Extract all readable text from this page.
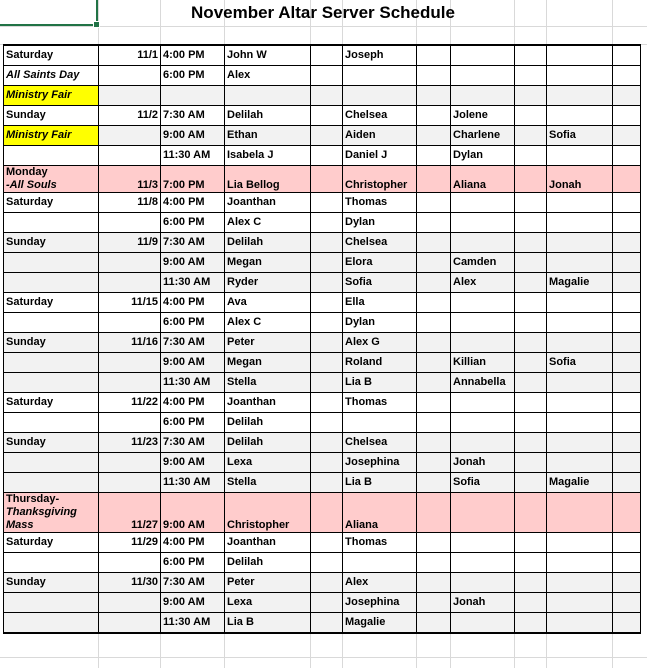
November Altar Server Schedule
Saturday	11/1	4:00 PM	John W		Joseph					
All Saints Day		6:00 PM	Alex							
Ministry Fair										
Sunday	11/2	7:30 AM	Delilah		Chelsea		Jolene			
Ministry Fair		9:00 AM	Ethan		Aiden		Charlene		Sofia	
		11:30 AM	Isabela J		Daniel J		Dylan			
Monday
-All Souls	11/3	7:00 PM	Lia Bellog		Christopher		Aliana		Jonah	
Saturday	11/8	4:00 PM	Joanthan		Thomas					
		6:00 PM	Alex C		Dylan					
Sunday	11/9	7:30 AM	Delilah		Chelsea					
		9:00 AM	Megan		Elora		Camden			
		11:30 AM	Ryder		Sofia		Alex		Magalie	
Saturday	11/15	4:00 PM	Ava		Ella					
		6:00 PM	Alex C		Dylan					
Sunday	11/16	7:30 AM	Peter		Alex G					
		9:00 AM	Megan		Roland		Killian		Sofia	
		11:30 AM	Stella		Lia B		Annabella			
Saturday	11/22	4:00 PM	Joanthan		Thomas					
		6:00 PM	Delilah							
Sunday	11/23	7:30 AM	Delilah		Chelsea					
		9:00 AM	Lexa		Josephina		Jonah			
		11:30 AM	Stella		Lia B		Sofia		Magalie	
Thursday-
Thanksgiving
Mass	11/27	9:00 AM	Christopher		Aliana					
Saturday	11/29	4:00 PM	Joanthan		Thomas					
		6:00 PM	Delilah							
Sunday	11/30	7:30 AM	Peter		Alex					
		9:00 AM	Lexa		Josephina		Jonah			
		11:30 AM	Lia B		Magalie					
